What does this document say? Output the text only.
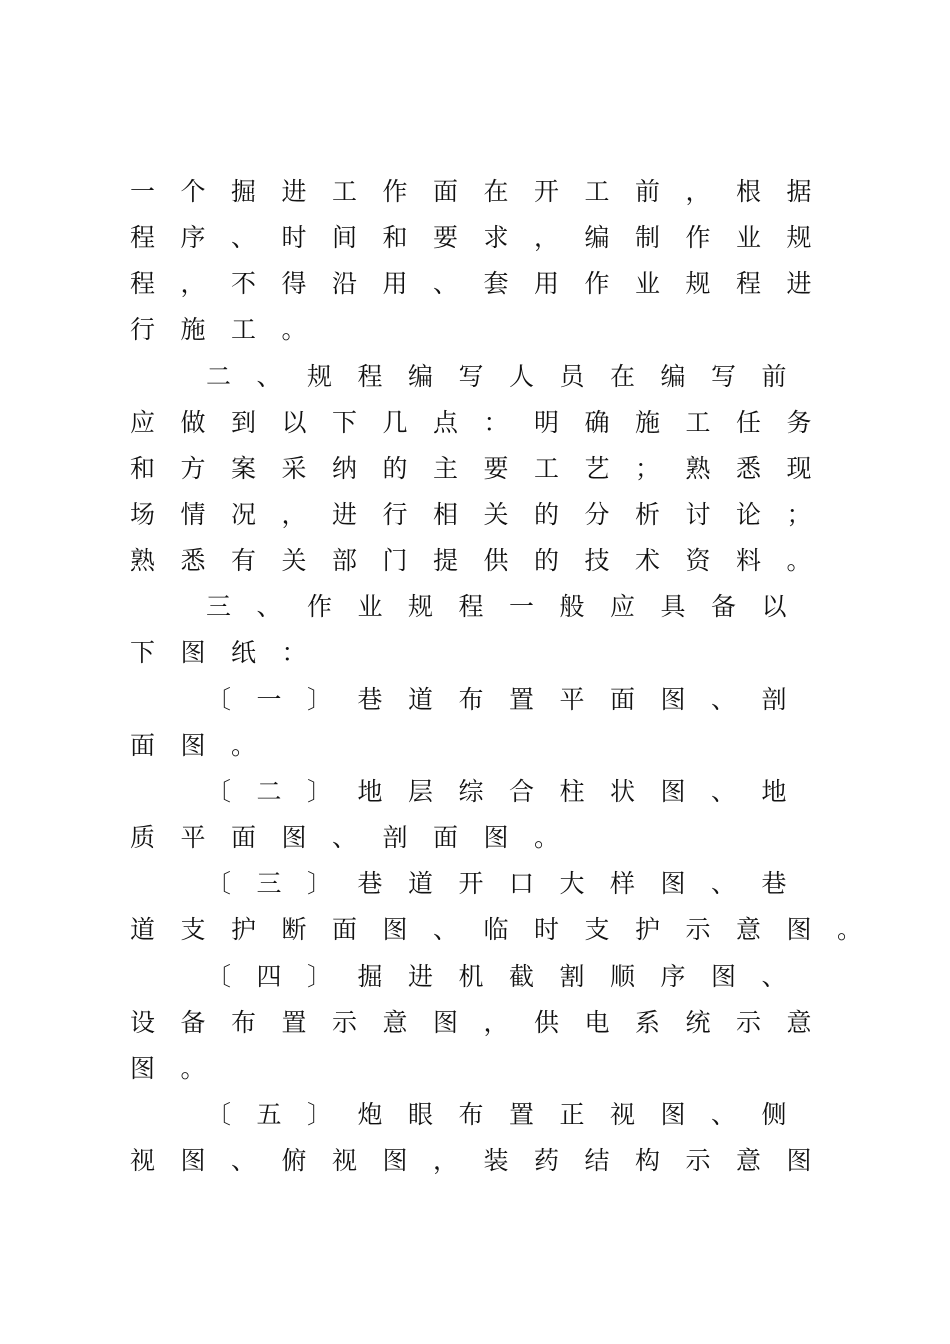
一	个	掘	进	工	作	面	在	开	工	前	，	根	据
程	序	、	时	间	和	要	求	，	编	制	作	业	规
程	，	不	得	沿	用	、	套	用	作	业	规	程	进
行	施	工	。
二	、	规	程	编	写	人	员	在	编	写	前
应	做	到	以	下	几	点	：	明	确	施	工	任	务
和	方	案	采	纳	的	主	要	工	艺	；	熟	悉	现
场	情	况	，	进	行	相	关	的	分	析	讨	论	；
熟	悉	有	关	部	门	提	供	的	技	术	资	料	。
三	、	作	业	规	程	一	般	应	具	备	以
下	图	纸	：
〔	一	〕	巷	道	布	置	平	面	图	、	剖
面	图	。
〔	二	〕	地	层	综	合	柱	状	图	、	地
质	平	面	图	、	剖	面	图	。
〔	三	〕	巷	道	开	口	大	样	图	、	巷
道	支	护	断	面	图	、	临	时	支	护	示	意	图	。
〔	四	〕	掘	进	机	截	割	顺	序	图	、
设	备	布	置	示	意	图	，	供	电	系	统	示	意
图	。
〔	五	〕	炮	眼	布	置	正	视	图	、	侧
视	图	、	俯	视	图	，	装	药	结	构	示	意	图
